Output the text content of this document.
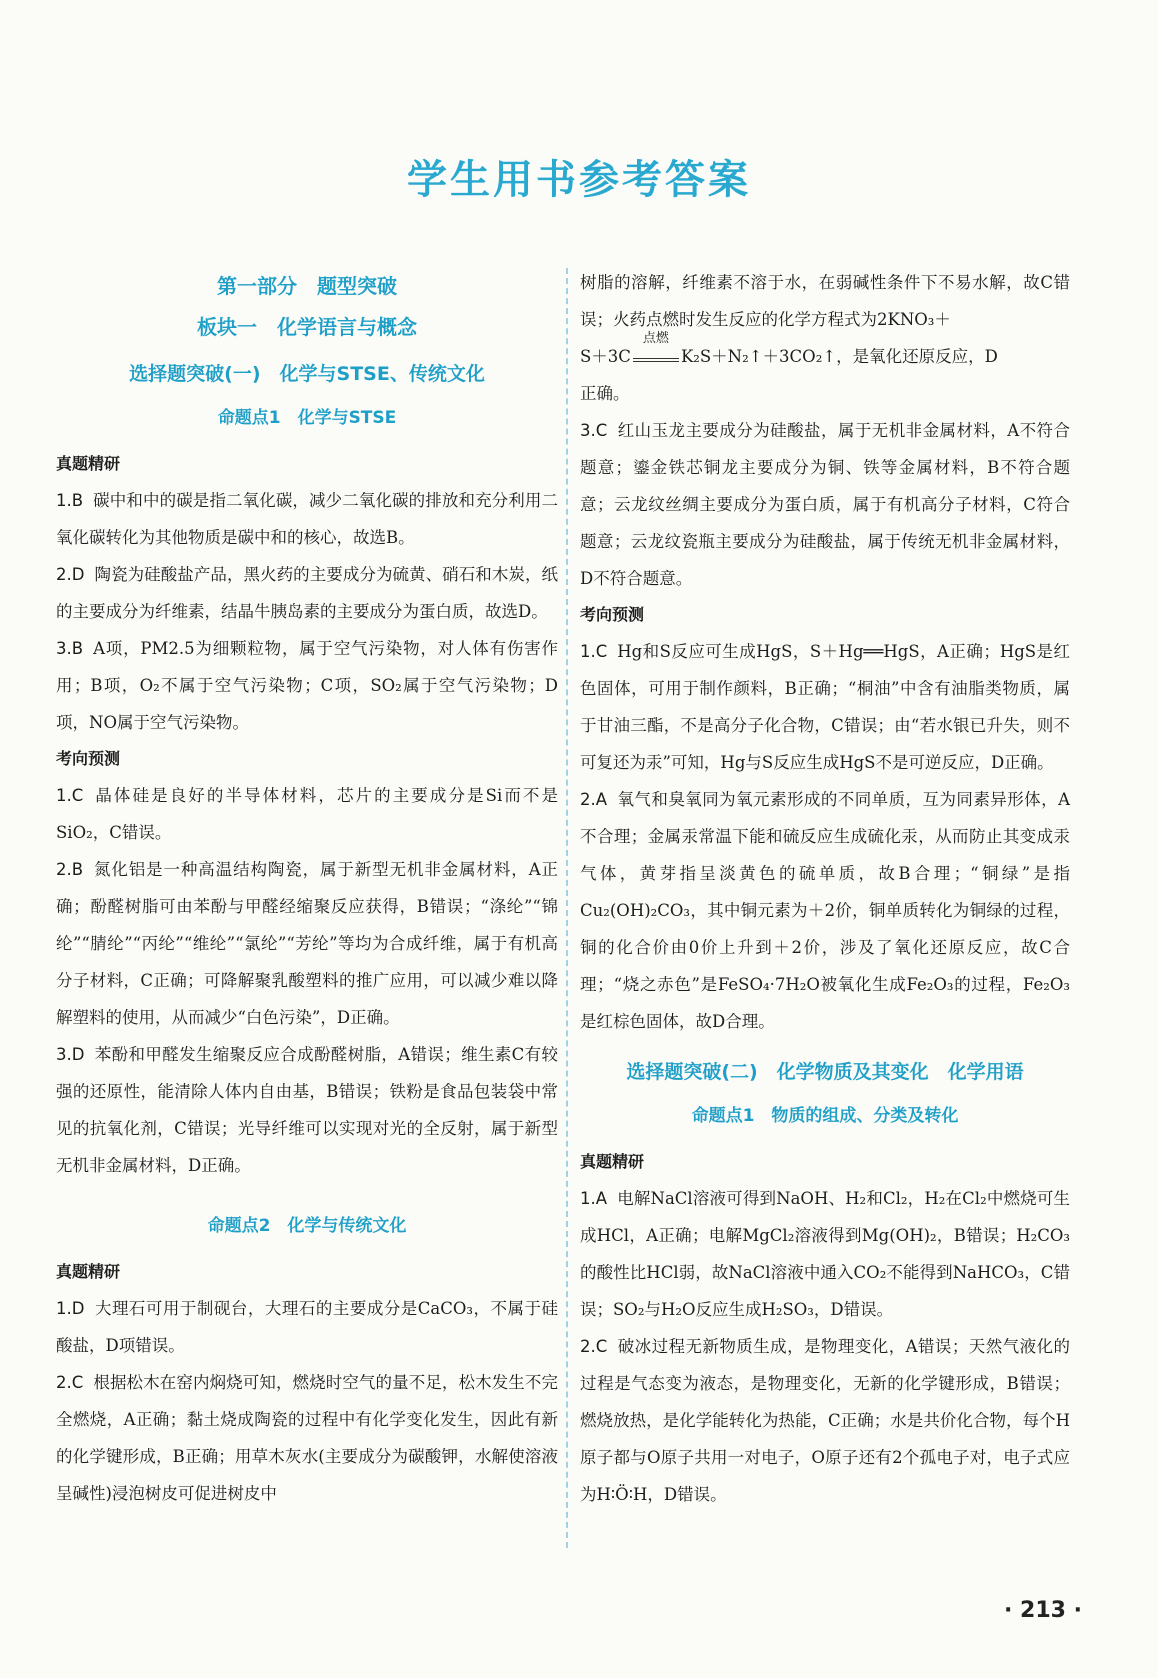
学生用书参考答案
第一部分　题型突破
板块一　化学语言与概念
选择题突破(一)　化学与STSE、传统文化
命题点1　化学与STSE
真题精研

1.B 碳中和中的碳是指二氧化碳，减少二氧化碳的排放和充分利用二氧化碳转化为其他物质是碳中和的核心，故选B。

2.D 陶瓷为硅酸盐产品，黑火药的主要成分为硫黄、硝石和木炭，纸的主要成分为纤维素，结晶牛胰岛素的主要成分为蛋白质，故选D。

3.B A项，PM2.5为细颗粒物，属于空气污染物，对人体有伤害作用；B项，O₂不属于空气污染物；C项，SO₂属于空气污染物；D项，NO属于空气污染物。

考向预测

1.C 晶体硅是良好的半导体材料，芯片的主要成分是Si而不是SiO₂，C错误。

2.B 氮化铝是一种高温结构陶瓷，属于新型无机非金属材料，A正确；酚醛树脂可由苯酚与甲醛经缩聚反应获得，B错误；“涤纶”“锦纶”“腈纶”“丙纶”“维纶”“氯纶”“芳纶”等均为合成纤维，属于有机高分子材料，C正确；可降解聚乳酸塑料的推广应用，可以减少难以降解塑料的使用，从而减少“白色污染”，D正确。

3.D 苯酚和甲醛发生缩聚反应合成酚醛树脂，A错误；维生素C有较强的还原性，能清除人体内自由基，B错误；铁粉是食品包装袋中常见的抗氧化剂，C错误；光导纤维可以实现对光的全反射，属于新型无机非金属材料，D正确。

命题点2　化学与传统文化
真题精研

1.D 大理石可用于制砚台，大理石的主要成分是CaCO₃，不属于硅酸盐，D项错误。

2.C 根据松木在窑内焖烧可知，燃烧时空气的量不足，松木发生不完全燃烧，A正确；黏土烧成陶瓷的过程中有化学变化发生，因此有新的化学键形成，B正确；用草木灰水(主要成分为碳酸钾，水解使溶液呈碱性)浸泡树皮可促进树皮中

树脂的溶解，纤维素不溶于水，在弱碱性条件下不易水解，故C错误；火药点燃时发生反应的化学方程式为2KNO₃＋

S＋3C
点燃
K₂S＋N₂↑＋3CO₂↑，是氧化还原反应，D

正确。

3.C 红山玉龙主要成分为硅酸盐，属于无机非金属材料，A不符合题意；鎏金铁芯铜龙主要成分为铜、铁等金属材料，B不符合题意；云龙纹丝绸主要成分为蛋白质，属于有机高分子材料，C符合题意；云龙纹瓷瓶主要成分为硅酸盐，属于传统无机非金属材料，D不符合题意。

考向预测

1.C Hg和S反应可生成HgS，S＋Hg══HgS，A正确；HgS是红色固体，可用于制作颜料，B正确；“桐油”中含有油脂类物质，属于甘油三酯，不是高分子化合物，C错误；由“若水银已升失，则不可复还为汞”可知，Hg与S反应生成HgS不是可逆反应，D正确。

2.A 氧气和臭氧同为氧元素形成的不同单质，互为同素异形体，A不合理；金属汞常温下能和硫反应生成硫化汞，从而防止其变成汞气体，黄芽指呈淡黄色的硫单质，故B合理；“铜绿”是指Cu₂(OH)₂CO₃，其中铜元素为＋2价，铜单质转化为铜绿的过程，铜的化合价由0价上升到＋2价，涉及了氧化还原反应，故C合理；“烧之赤色”是FeSO₄·7H₂O被氧化生成Fe₂O₃的过程，Fe₂O₃是红棕色固体，故D合理。

选择题突破(二)　化学物质及其变化　化学用语
命题点1　物质的组成、分类及转化
真题精研

1.A 电解NaCl溶液可得到NaOH、H₂和Cl₂，H₂在Cl₂中燃烧可生成HCl，A正确；电解MgCl₂溶液得到Mg(OH)₂，B错误；H₂CO₃的酸性比HCl弱，故NaCl溶液中通入CO₂不能得到NaHCO₃，C错误；SO₂与H₂O反应生成H₂SO₃，D错误。

2.C 破冰过程无新物质生成，是物理变化，A错误；天然气液化的过程是气态变为液态，是物理变化，无新的化学键形成，B错误；燃烧放热，是化学能转化为热能，C正确；水是共价化合物，每个H原子都与O原子共用一对电子，O原子还有2个孤电子对，电子式应为H∶Ö∶H，D错误。

· 213 ·
